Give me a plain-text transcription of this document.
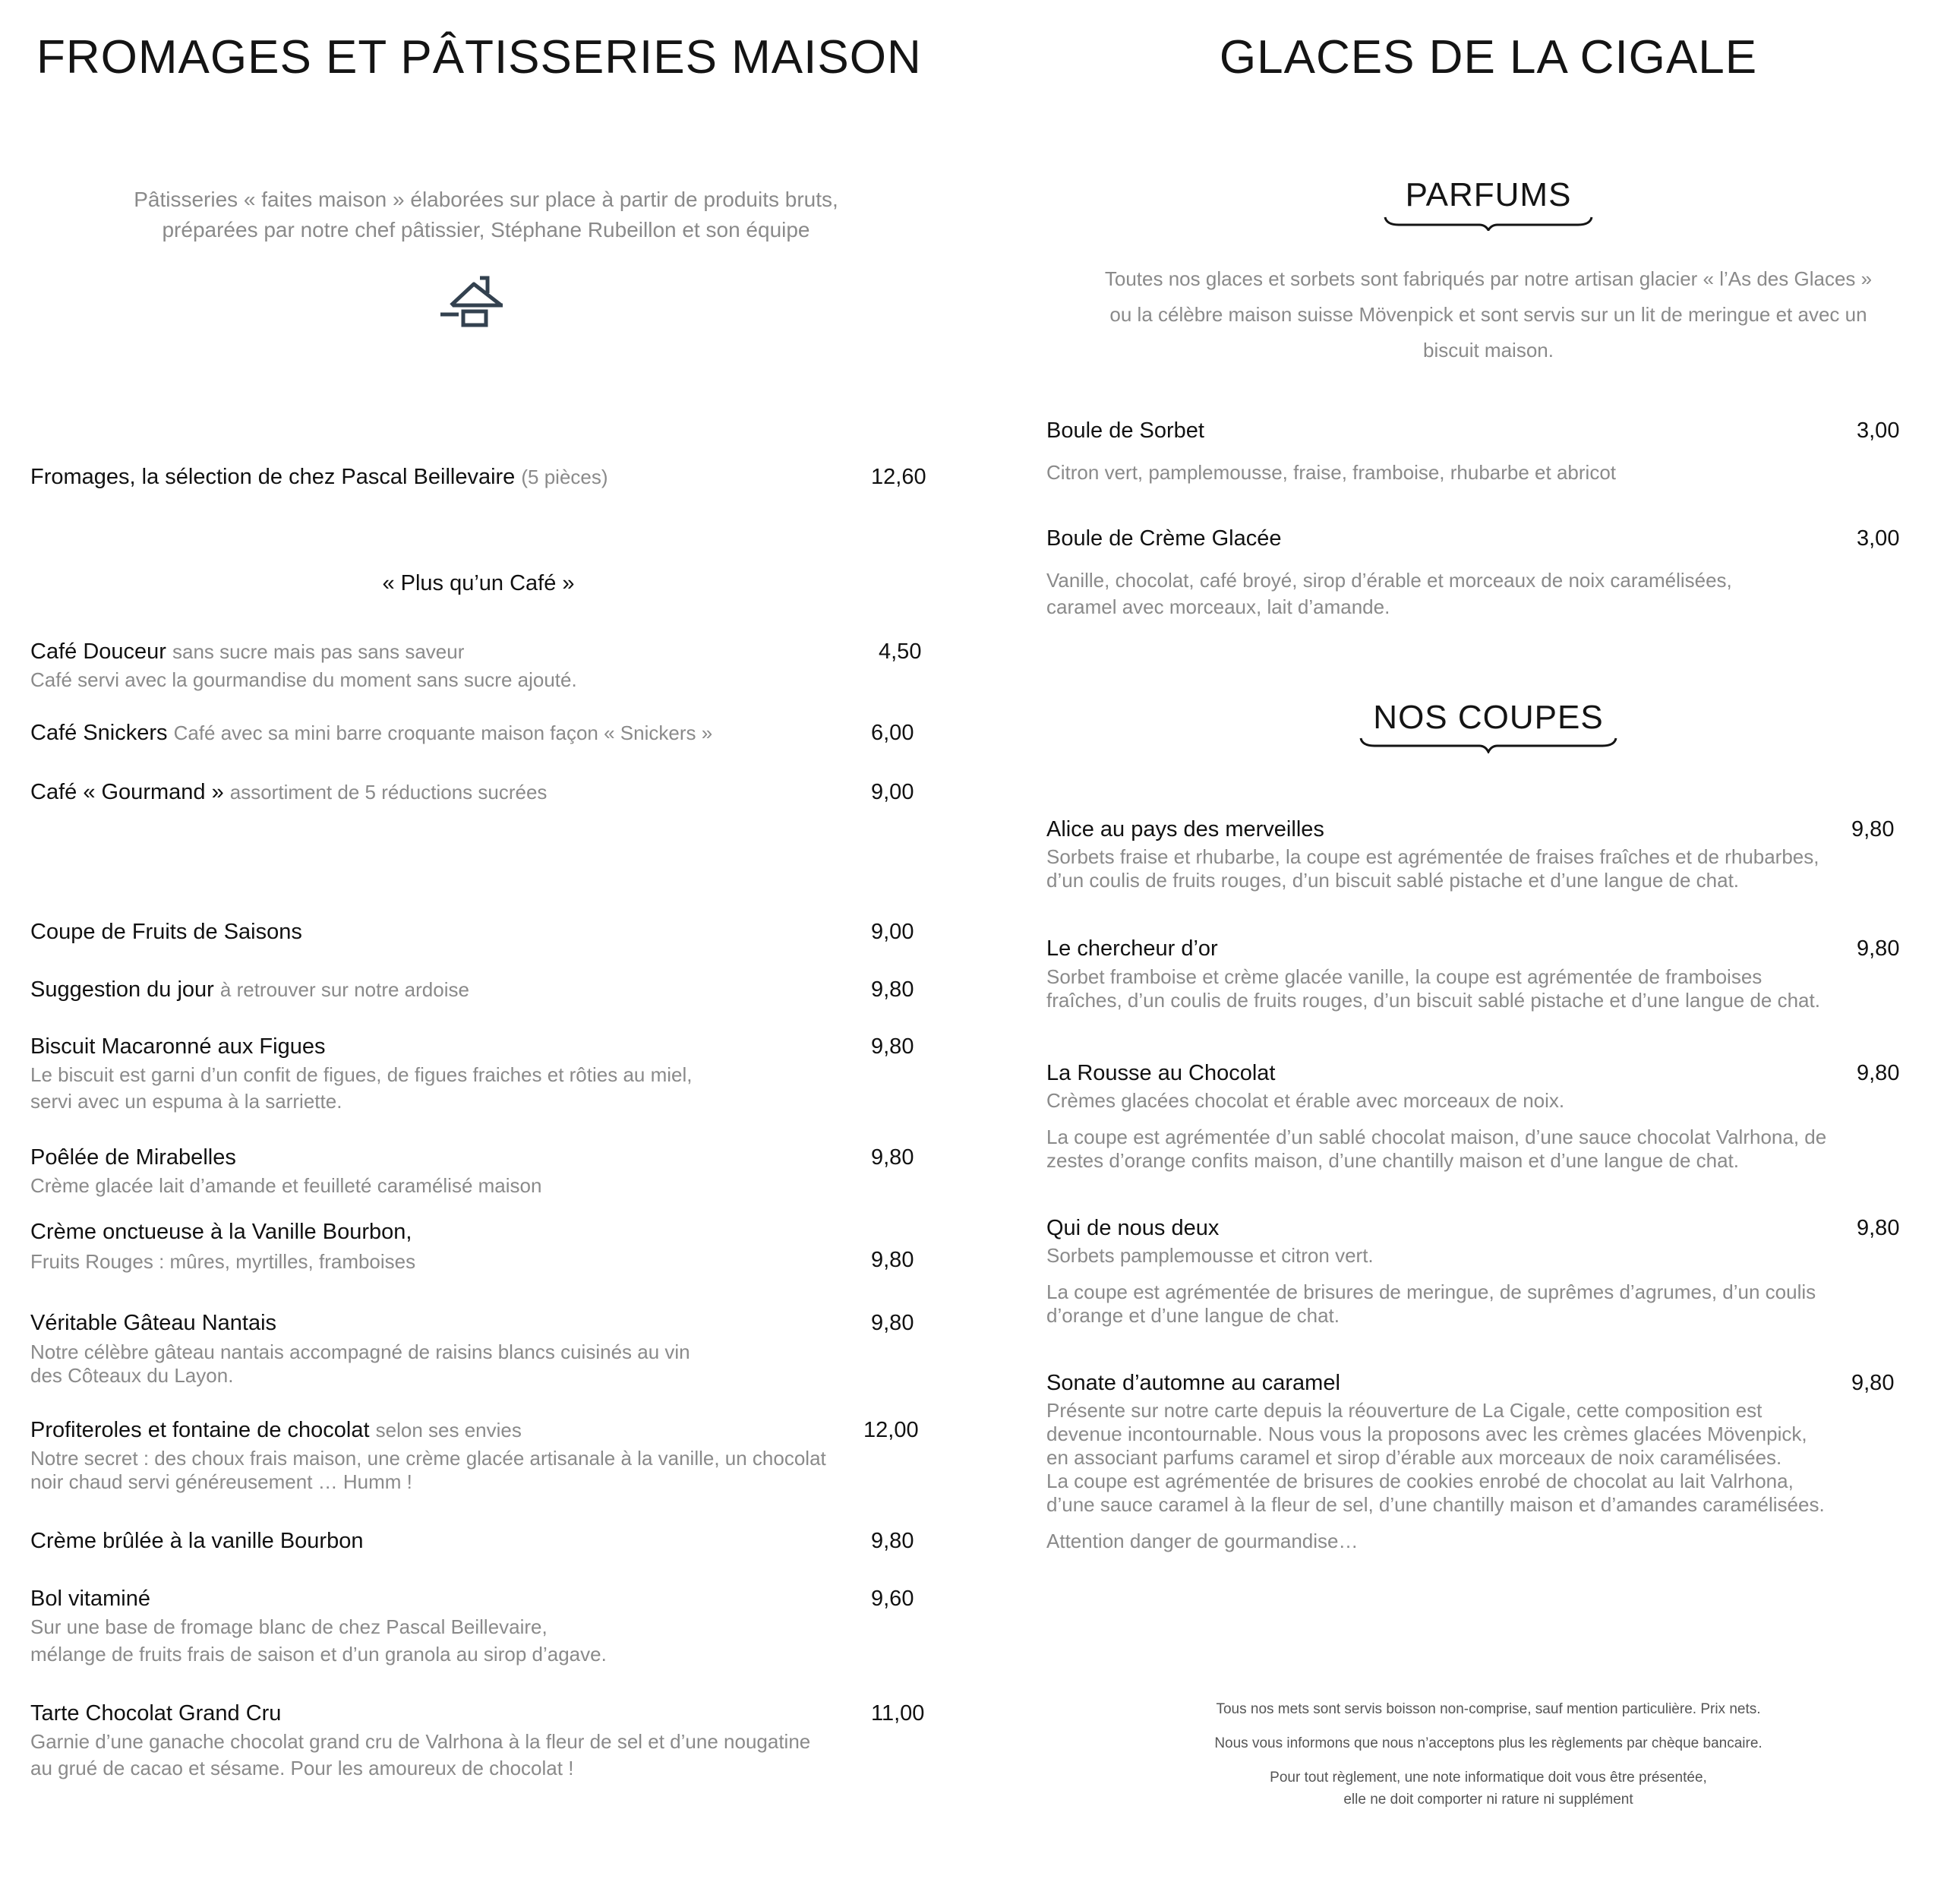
FROMAGES ET PÂTISSERIES MAISON
Pâtisseries « faites maison » élaborées sur place à partir de produits bruts,
préparées par notre chef pâtissier, Stéphane Rubeillon et son équipe
Fromages, la sélection de chez Pascal Beillevaire (5 pièces)	12,60
« Plus qu’un Café »
Café Douceur sans sucre mais pas sans saveur	4,50
Café servi avec la gourmandise du moment sans sucre ajouté.
Café Snickers Café avec sa mini barre croquante maison façon « Snickers »	6,00
Café « Gourmand » assortiment de 5 réductions sucrées	9,00
Coupe de Fruits de Saisons	9,00
Suggestion du jour à retrouver sur notre ardoise	9,80
Biscuit Macaronné aux Figues	9,80
Le biscuit est garni d’un confit de figues, de figues fraiches et rôties au miel,
servi avec un espuma à la sarriette.
Poêlée de Mirabelles	9,80
Crème glacée lait d’amande et feuilleté caramélisé maison
Crème onctueuse à la Vanille Bourbon,
Fruits Rouges : mûres, myrtilles, framboises	9,80
Véritable Gâteau Nantais	9,80
Notre célèbre gâteau nantais accompagné de raisins blancs cuisinés au vin
des Côteaux du Layon.
Profiteroles et fontaine de chocolat selon ses envies	12,00
Notre secret : des choux frais maison, une crème glacée artisanale à la vanille, un chocolat
noir chaud servi généreusement … Humm !
Crème brûlée à la vanille Bourbon	9,80
Bol vitaminé	9,60
Sur une base de fromage blanc de chez Pascal Beillevaire,
mélange de fruits frais de saison et d’un granola au sirop d’agave.
Tarte Chocolat Grand Cru	11,00
Garnie d’une ganache chocolat grand cru de Valrhona à la fleur de sel et d’une nougatine
au grué de cacao et sésame. Pour les amoureux de chocolat !
GLACES DE LA CIGALE
PARFUMS
Toutes nos glaces et sorbets sont fabriqués par notre artisan glacier « l’As des Glaces »
ou la célèbre maison suisse Mövenpick et sont servis sur un lit de meringue et avec un
biscuit maison.
Boule de Sorbet	3,00
Citron vert, pamplemousse, fraise, framboise, rhubarbe et abricot
Boule de Crème Glacée	3,00
Vanille, chocolat, café broyé, sirop d’érable et morceaux de noix caramélisées,
caramel avec morceaux, lait d’amande.
NOS COUPES
Alice au pays des merveilles	9,80
Sorbets fraise et rhubarbe, la coupe est agrémentée de fraises fraîches et de rhubarbes,
d’un coulis de fruits rouges, d’un biscuit sablé pistache et d’une langue de chat.
Le chercheur d’or	9,80
Sorbet framboise et crème glacée vanille, la coupe est agrémentée de framboises
fraîches, d’un coulis de fruits rouges, d’un biscuit sablé pistache et d’une langue de chat.
La Rousse au Chocolat	9,80
Crèmes glacées chocolat et érable avec morceaux de noix.
La coupe est agrémentée d’un sablé chocolat maison, d’une sauce chocolat Valrhona, de
zestes d’orange confits maison, d’une chantilly maison et d’une langue de chat.
Qui de nous deux	9,80
Sorbets pamplemousse et citron vert.
La coupe est agrémentée de brisures de meringue, de suprêmes d’agrumes, d’un coulis
d’orange et d’une langue de chat.
Sonate d’automne au caramel	9,80
Présente sur notre carte depuis la réouverture de La Cigale, cette composition est
devenue incontournable. Nous vous la proposons avec les crèmes glacées Mövenpick,
en associant parfums caramel et sirop d’érable aux morceaux de noix caramélisées.
La coupe est agrémentée de brisures de cookies enrobé de chocolat au lait Valrhona,
d’une sauce caramel à la fleur de sel, d’une chantilly maison et d’amandes caramélisées.
Attention danger de gourmandise…
Tous nos mets sont servis boisson non-comprise, sauf mention particulière. Prix nets.
Nous vous informons que nous n’acceptons plus les règlements par chèque bancaire.
Pour tout règlement, une note informatique doit vous être présentée,
elle ne doit comporter ni rature ni supplément
